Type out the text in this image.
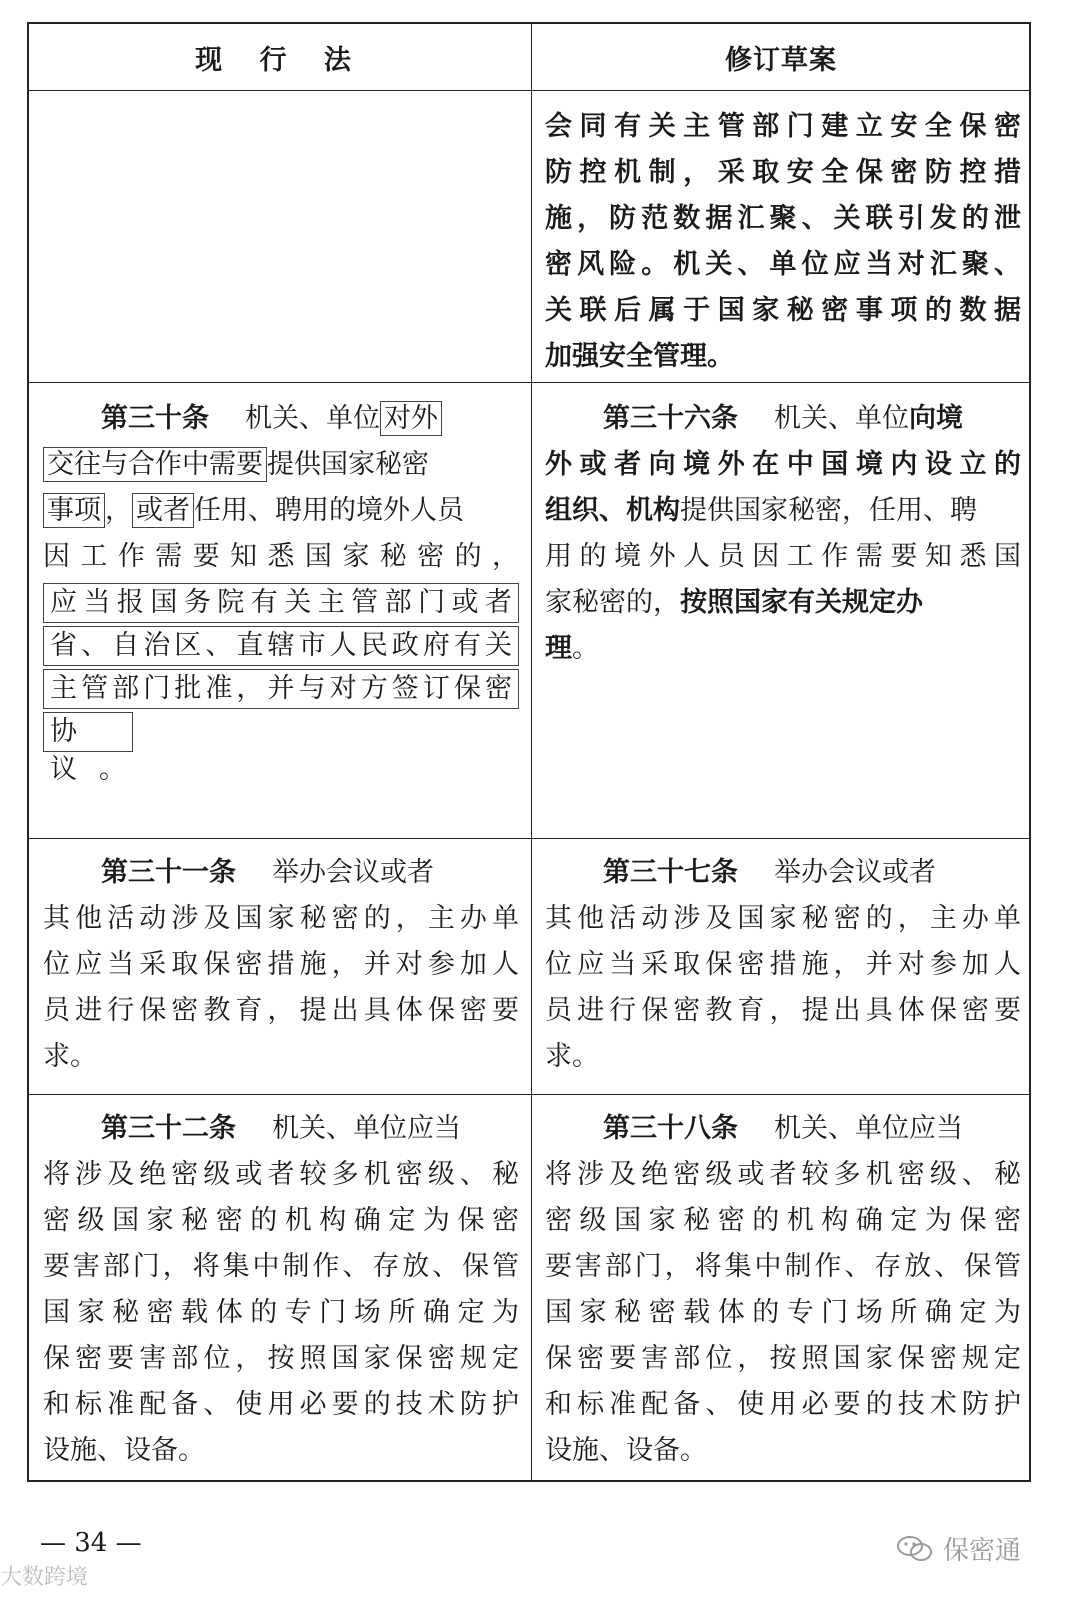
现 行 法	修订草案
会同有关主管部门建立安全保密
防控机制，采取安全保密防控措
施，防范数据汇聚、关联引发的泄
密风险。机关、单位应当对汇聚、
关联后属于国家秘密事项的数据
加强安全管理。
第三十条 机关、单位 对外
交往与合作中需要 提供国家秘密
事项 ， 或者 任用、聘用的境外人员
因工作需要知悉国家秘密的，
应当报国务院有关主管部门或者
省、自治区、直辖市人民政府有关
主管部门批准，并与对方签订保密
协议。
第三十六条 机关、单位向境
外或者向境外在中国境内设立的
组织、机构提供国家秘密，任用、聘
用的境外人员因工作需要知悉国
家秘密的，按照国家有关规定办
理。
第三十一条 举办会议或者
其他活动涉及国家秘密的，主办单
位应当采取保密措施，并对参加人
员进行保密教育，提出具体保密要
求。
第三十七条 举办会议或者
其他活动涉及国家秘密的，主办单
位应当采取保密措施，并对参加人
员进行保密教育，提出具体保密要
求。
第三十二条 机关、单位应当
将涉及绝密级或者较多机密级、秘
密级国家秘密的机构确定为保密
要害部门，将集中制作、存放、保管
国家秘密载体的专门场所确定为
保密要害部位，按照国家保密规定
和标准配备、使用必要的技术防护
设施、设备。
第三十八条 机关、单位应当
将涉及绝密级或者较多机密级、秘
密级国家秘密的机构确定为保密
要害部门，将集中制作、存放、保管
国家秘密载体的专门场所确定为
保密要害部位，按照国家保密规定
和标准配备、使用必要的技术防护
设施、设备。
— 34 —
大数跨境
保密通
